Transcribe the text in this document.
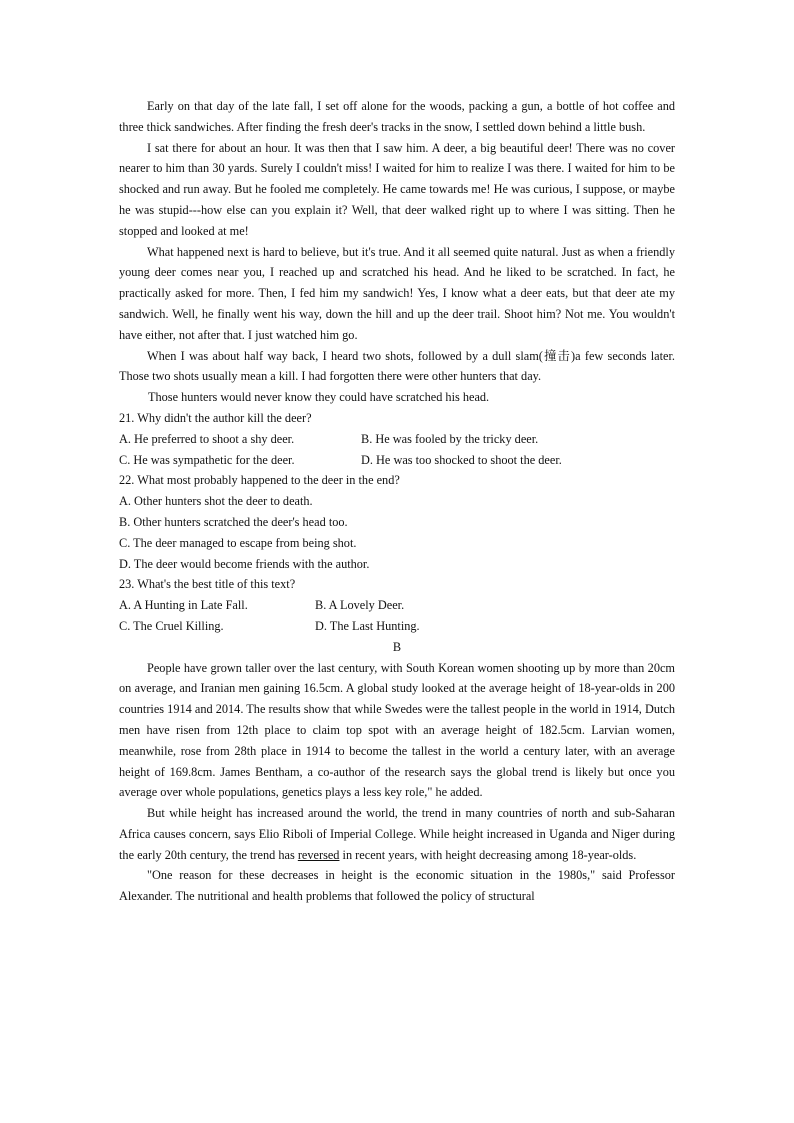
Early on that day of the late fall, I set off alone for the woods, packing a gun, a bottle of hot coffee and three thick sandwiches. After finding the fresh deer's tracks in the snow, I settled down behind a little bush.

I sat there for about an hour. It was then that I saw him. A deer, a big beautiful deer! There was no cover nearer to him than 30 yards. Surely I couldn't miss! I waited for him to realize I was there. I waited for him to be shocked and run away. But he fooled me completely. He came towards me! He was curious, I suppose, or maybe he was stupid---how else can you explain it? Well, that deer walked right up to where I was sitting. Then he stopped and looked at me!

What happened next is hard to believe, but it's true. And it all seemed quite natural. Just as when a friendly young deer comes near you, I reached up and scratched his head. And he liked to be scratched. In fact, he practically asked for more. Then, I fed him my sandwich! Yes, I know what a deer eats, but that deer ate my sandwich. Well, he finally went his way, down the hill and up the deer trail. Shoot him? Not me. You wouldn't have either, not after that. I just watched him go.

When I was about half way back, I heard two shots, followed by a dull slam(撞击)a few seconds later. Those two shots usually mean a kill. I had forgotten there were other hunters that day.

Those hunters would never know they could have scratched his head.

21. Why didn't the author kill the deer?

A. He preferred to shoot a shy deer.	B. He was fooled by the tricky deer.
C. He was sympathetic for the deer.	D. He was too shocked to shoot the deer.

22. What most probably happened to the deer in the end?

A. Other hunters shot the deer to death.

B. Other hunters scratched the deer's head too.

C. The deer managed to escape from being shot.

D. The deer would become friends with the author.

23. What's the best title of this text?

A. A Hunting in Late Fall.	B. A Lovely Deer.
C. The Cruel Killing.	D. The Last Hunting.

B

People have grown taller over the last century, with South Korean women shooting up by more than 20cm on average, and Iranian men gaining 16.5cm. A global study looked at the average height of 18-year-olds in 200 countries 1914 and 2014. The results show that while Swedes were the tallest people in the world in 1914, Dutch men have risen from 12th place to claim top spot with an average height of 182.5cm. Larvian women, meanwhile, rose from 28th place in 1914 to become the tallest in the world a century later, with an average height of 169.8cm. James Bentham, a co-author of the research says the global trend is likely but once you average over whole populations, genetics plays a less key role," he added.

But while height has increased around the world, the trend in many countries of north and sub-Saharan Africa causes concern, says Elio Riboli of Imperial College. While height increased in Uganda and Niger during the early 20th century, the trend has reversed in recent years, with height decreasing among 18-year-olds.

"One reason for these decreases in height is the economic situation in the 1980s," said Professor Alexander. The nutritional and health problems that followed the policy of structural
